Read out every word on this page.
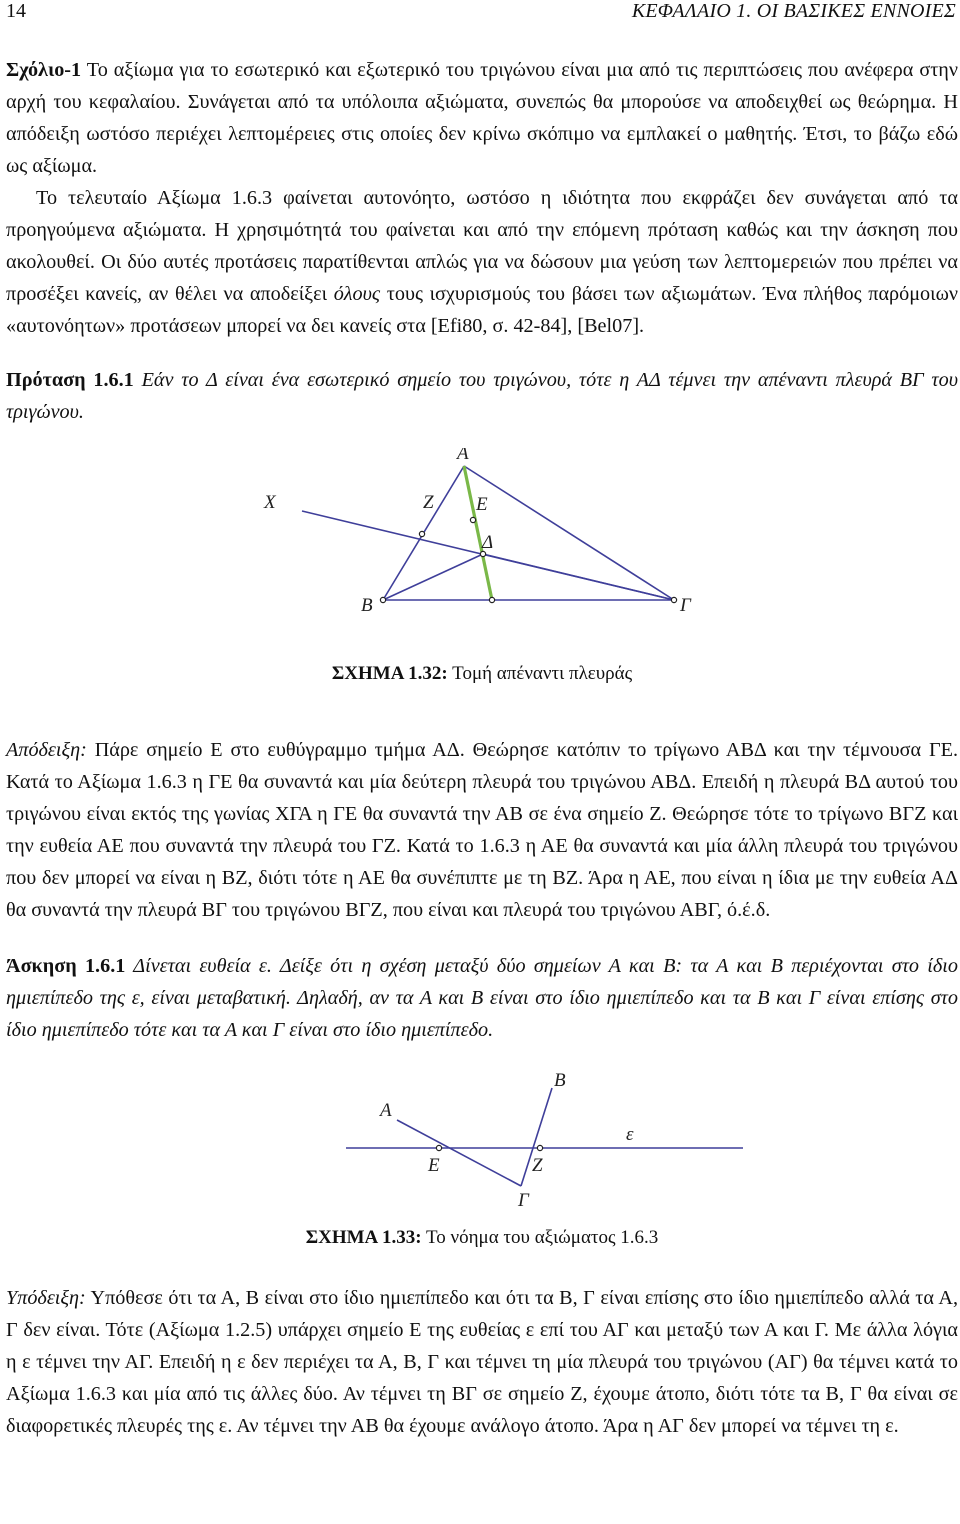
14	ΚΕΦΑΛΑΙΟ 1. ΟΙ ΒΑΣΙΚΕΣ ΕΝΝΟΙΕΣ

Σχόλιο-1 Το αξίωμα για το εσωτερικό και εξωτερικό του τριγώνου είναι μια από τις περιπτώσεις που ανέφερα στην αρχή του κεφαλαίου. Συνάγεται από τα υπόλοιπα αξιώματα, συνεπώς θα μπορούσε να αποδειχθεί ως θεώρημα. Η απόδειξη ωστόσο περιέχει λεπτομέρειες στις οποίες δεν κρίνω σκόπιμο να εμπλακεί ο μαθητής. Έτσι, το βάζω εδώ ως αξίωμα.

Το τελευταίο Αξίωμα 1.6.3 φαίνεται αυτονόητο, ωστόσο η ιδιότητα που εκφράζει δεν συνάγεται από τα προηγούμενα αξιώματα. Η χρησιμότητά του φαίνεται και από την επόμενη πρόταση καθώς και την άσκηση που ακολουθεί. Οι δύο αυτές προτάσεις παρατίθενται απλώς για να δώσουν μια γεύση των λεπτομερειών που πρέπει να προσέξει κανείς, αν θέλει να αποδείξει όλους τους ισχυρισμούς του βάσει των αξιωμάτων. Ένα πλήθος παρόμοιων «αυτονόητων» προτάσεων μπορεί να δει κανείς στα [Efi80, σ. 42-84], [Bel07].

Πρόταση 1.6.1 Εάν το Δ είναι ένα εσωτερικό σημείο του τριγώνου, τότε η ΑΔ τέμνει την απέναντι πλευρά ΒΓ του τριγώνου.

Α
Χ	Ζ Ε
Δ
Β	Γ
ΣΧΗΜΑ 1.32: Τομή απέναντι πλευράς

Απόδειξη: Πάρε σημείο Ε στο ευθύγραμμο τμήμα ΑΔ. Θεώρησε κατόπιν το τρίγωνο ΑΒΔ και την τέμνουσα ΓΕ. Κατά το Αξίωμα 1.6.3 η ΓΕ θα συναντά και μία δεύτερη πλευρά του τριγώνου ΑΒΔ. Επειδή η πλευρά ΒΔ αυτού του τριγώνου είναι εκτός της γωνίας ΧΓΑ η ΓΕ θα συναντά την ΑΒ σε ένα σημείο Ζ. Θεώρησε τότε το τρίγωνο ΒΓΖ και την ευθεία ΑΕ που συναντά την πλευρά του ΓΖ. Κατά το 1.6.3 η ΑΕ θα συναντά και μία άλλη πλευρά του τριγώνου που δεν μπορεί να είναι η ΒΖ, διότι τότε η ΑΕ θα συνέπιπτε με τη ΒΖ. Άρα η ΑΕ, που είναι η ίδια με την ευθεία ΑΔ θα συναντά την πλευρά ΒΓ του τριγώνου ΒΓΖ, που είναι και πλευρά του τριγώνου ΑΒΓ, ό.έ.δ.

Άσκηση 1.6.1 Δίνεται ευθεία ε. Δείξε ότι η σχέση μεταξύ δύο σημείων Α και Β: τα Α και Β περιέχονται στο ίδιο ημιεπίπεδο της ε, είναι μεταβατική. Δηλαδή, αν τα Α και Β είναι στο ίδιο ημιεπίπεδο και τα Β και Γ είναι επίσης στο ίδιο ημιεπίπεδο τότε και τα Α και Γ είναι στο ίδιο ημιεπίπεδο.

Α
Β
ε
Ε	Ζ
Γ
ΣΧΗΜΑ 1.33: Το νόημα του αξιώματος 1.6.3

Υπόδειξη: Υπόθεσε ότι τα Α, Β είναι στο ίδιο ημιεπίπεδο και ότι τα Β, Γ είναι επίσης στο ίδιο ημιεπίπεδο αλλά τα Α, Γ δεν είναι. Τότε (Αξίωμα 1.2.5) υπάρχει σημείο Ε της ευθείας ε επί του ΑΓ και μεταξύ των Α και Γ. Με άλλα λόγια η ε τέμνει την ΑΓ. Επειδή η ε δεν περιέχει τα Α, Β, Γ και τέμνει τη μία πλευρά του τριγώνου (ΑΓ) θα τέμνει κατά το Αξίωμα 1.6.3 και μία από τις άλλες δύο. Αν τέμνει τη ΒΓ σε σημείο Ζ, έχουμε άτοπο, διότι τότε τα Β, Γ θα είναι σε διαφορετικές πλευρές της ε. Αν τέμνει την ΑΒ θα έχουμε ανάλογο άτοπο. Άρα η ΑΓ δεν μπορεί να τέμνει τη ε.
